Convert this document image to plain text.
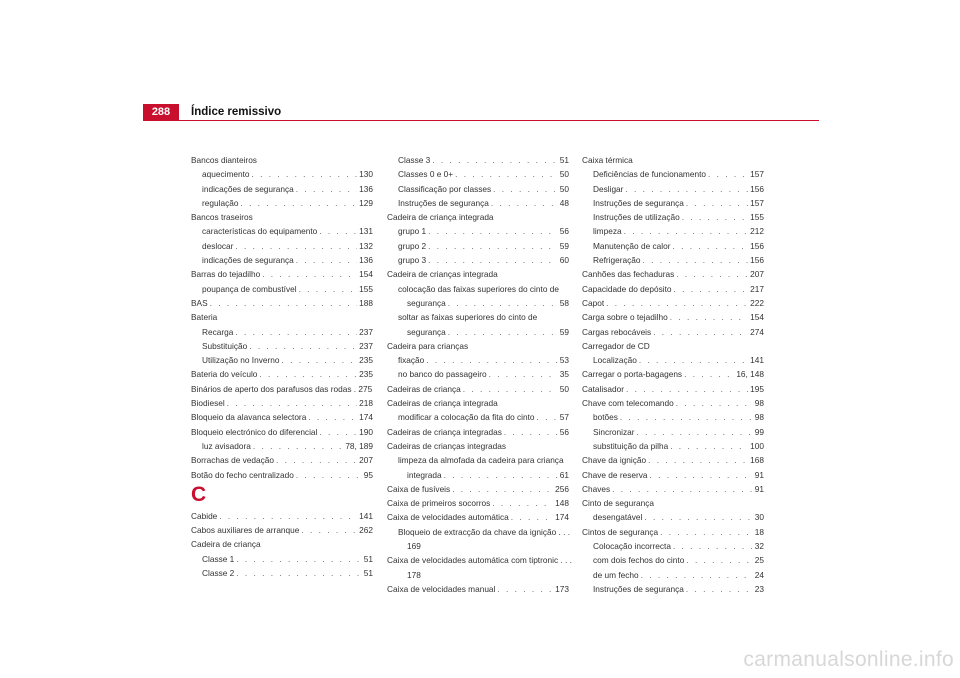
288	Índice remissivo
Bancos dianteiros
aquecimento . . .	130
indicações de segurança . . .	136
regulação . . .	129
Bancos traseiros
características do equipamento . . .	131
deslocar . . .	132
indicações de segurança . . .	136
Barras do tejadilho . . .	154
poupança de combustível . . .	155
BAS . . .	188
Bateria
Recarga . . .	237
Substituição . . .	237
Utilização no Inverno . . .	235
Bateria do veículo . . .	235
Binários de aperto dos parafusos das rodas . 275
Biodiesel . . .	218
Bloqueio da alavanca selectora . . .	174
Bloqueio electrónico do diferencial . . .	190
luz avisadora . . .	78, 189
Borrachas de vedação . . .	207
Botão do fecho centralizado . . .	95
C
Cabide . . .	141
Cabos auxiliares de arranque . . .	262
Cadeira de criança
Classe 1 . . .	51
Classe 2 . . .	51
Classe 3 . . .	51
Classes 0 e 0+ . . .	50
Classificação por classes . . .	50
Instruções de segurança . . .	48
Cadeira de criança integrada
grupo 1 . . .	56
grupo 2 . . .	59
grupo 3 . . .	60
Cadeira de crianças integrada
colocação das faixas superiores do cinto de
segurança . . .	58
soltar as faixas superiores do cinto de
segurança . . .	59
Cadeira para crianças
fixação . . .	53
no banco do passageiro . . .	35
Cadeiras de criança . . .	50
Cadeiras de criança integrada
modificar a colocação da fita do cinto . . .	57
Cadeiras de criança integradas . . .	56
Cadeiras de crianças integradas
limpeza da almofada da cadeira para criança
integrada . . .	61
Caixa de fusíveis . . .	256
Caixa de primeiros socorros . . .	148
Caixa de velocidades automática . . .	174
Bloqueio de extracção da chave da ignição . . .
169
Caixa de velocidades automática com tiptronic . . .
178
Caixa de velocidades manual . . .	173
Caixa térmica
Deficiências de funcionamento . . .	157
Desligar . . .	156
Instruções de segurança . . .	157
Instruções de utilização . . .	155
limpeza . . .	212
Manutenção de calor . . .	156
Refrigeração . . .	156
Canhões das fechaduras . . .	207
Capacidade do depósito . . .	217
Capot . . .	222
Carga sobre o tejadilho . . .	154
Cargas rebocáveis . . .	274
Carregador de CD
Localização . . .	141
Carregar o porta-bagagens . . .	16, 148
Catalisador . . .	195
Chave com telecomando . . .	98
botões . . .	98
Sincronizar . . .	99
substituição da pilha . . .	100
Chave da ignição . . .	168
Chave de reserva . . .	91
Chaves . . .	91
Cinto de segurança
desengatável . . .	30
Cintos de segurança . . .	18
Colocação incorrecta . . .	32
com dois fechos do cinto . . .	25
de um fecho . . .	24
Instruções de segurança . . .	23
carmanualsonline.info
